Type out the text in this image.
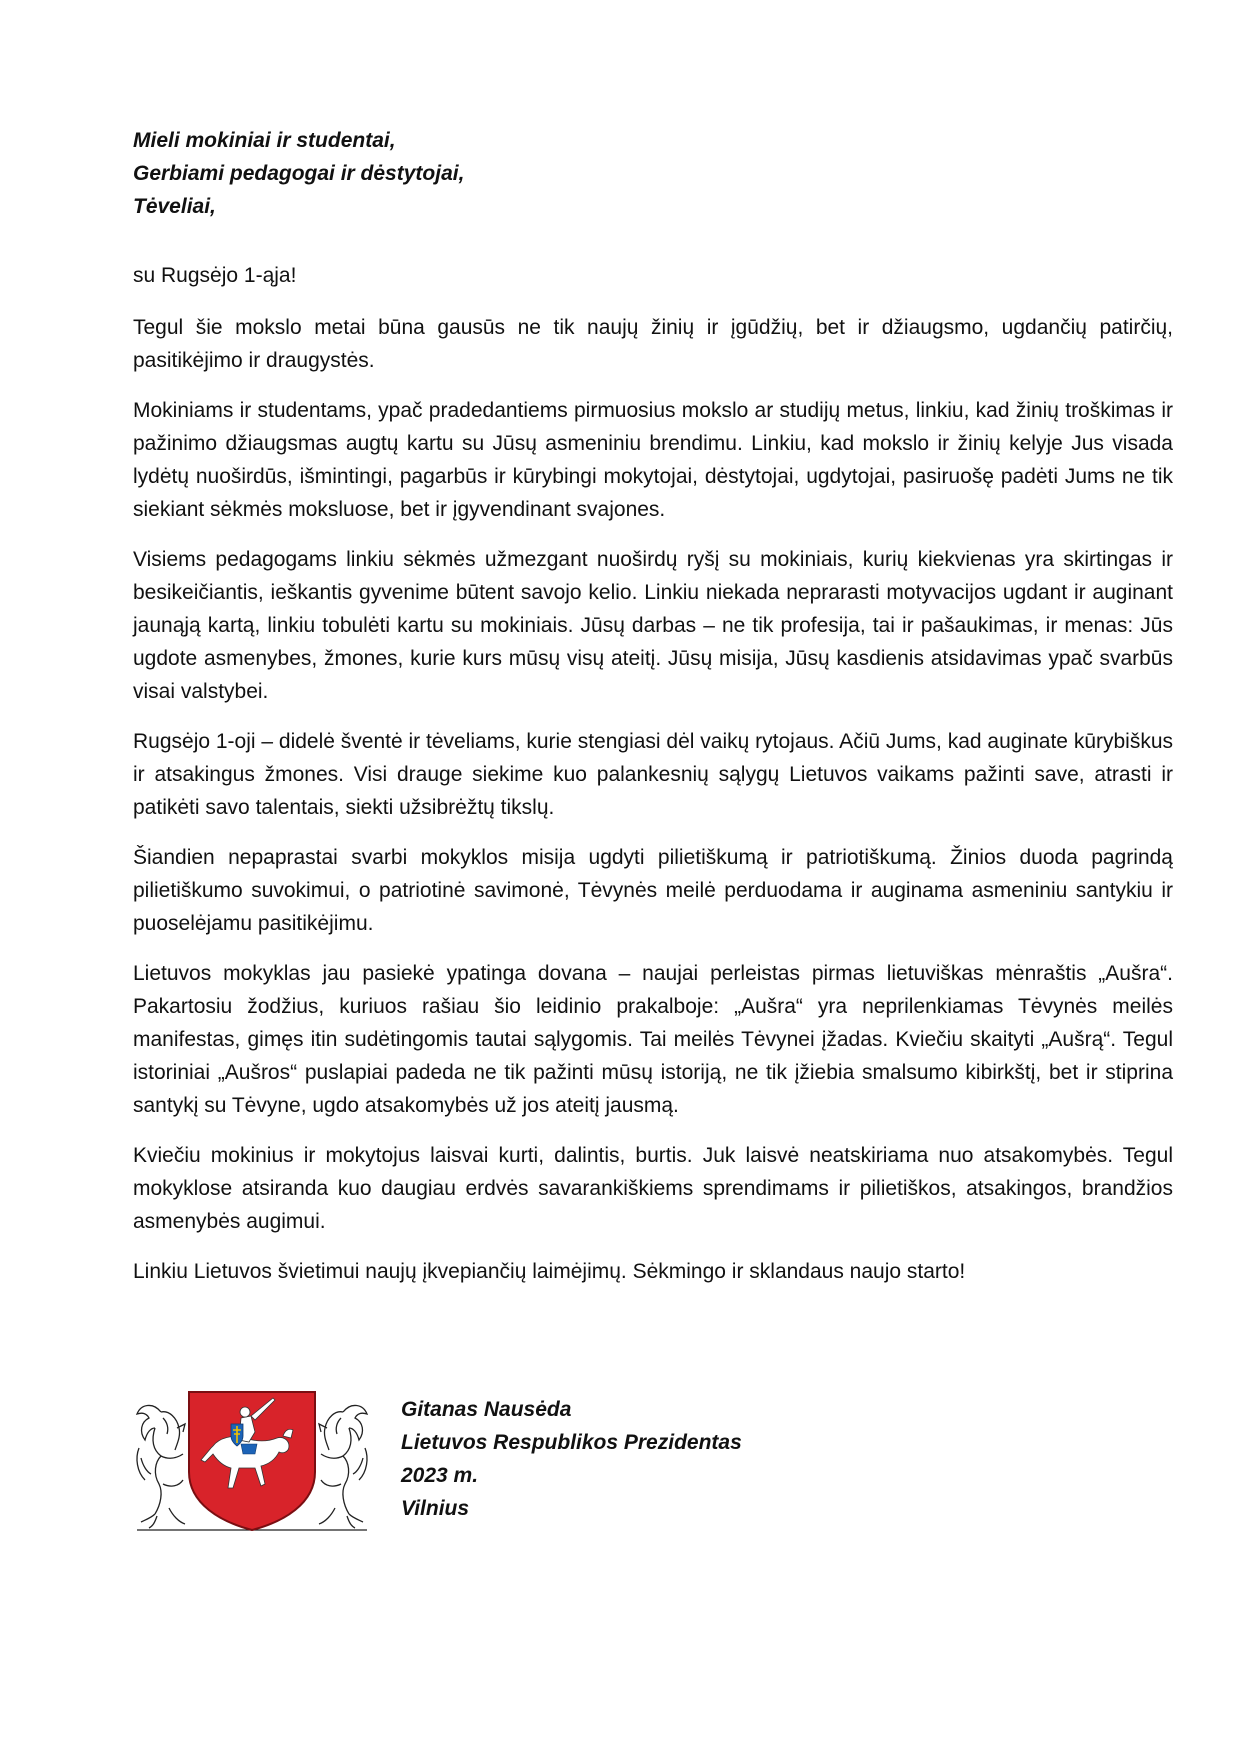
Mieli mokiniai ir studentai,
Gerbiami pedagogai ir dėstytojai,
Tėveliai,

su Rugsėjo 1-ąja!

Tegul šie mokslo metai būna gausūs ne tik naujų žinių ir įgūdžių, bet ir džiaugsmo, ugdančių patirčių, pasitikėjimo ir draugystės.

Mokiniams ir studentams, ypač pradedantiems pirmuosius mokslo ar studijų metus, linkiu, kad žinių troškimas ir pažinimo džiaugsmas augtų kartu su Jūsų asmeniniu brendimu. Linkiu, kad mokslo ir žinių kelyje Jus visada lydėtų nuoširdūs, išmintingi, pagarbūs ir kūrybingi mokytojai, dėstytojai, ugdytojai, pasiruošę padėti Jums ne tik siekiant sėkmės moksluose, bet ir įgyvendinant svajones.

Visiems pedagogams linkiu sėkmės užmezgant nuoširdų ryšį su mokiniais, kurių kiekvienas yra skirtingas ir besikeičiantis, ieškantis gyvenime būtent savojo kelio. Linkiu niekada neprarasti motyvacijos ugdant ir auginant jaunąją kartą, linkiu tobulėti kartu su mokiniais. Jūsų darbas – ne tik profesija, tai ir pašaukimas, ir menas: Jūs ugdote asmenybes, žmones, kurie kurs mūsų visų ateitį. Jūsų misija, Jūsų kasdienis atsidavimas ypač svarbūs visai valstybei.

Rugsėjo 1-oji – didelė šventė ir tėveliams, kurie stengiasi dėl vaikų rytojaus. Ačiū Jums, kad auginate kūrybiškus ir atsakingus žmones. Visi drauge siekime kuo palankesnių sąlygų Lietuvos vaikams pažinti save, atrasti ir patikėti savo talentais, siekti užsibrėžtų tikslų.

Šiandien nepaprastai svarbi mokyklos misija ugdyti pilietiškumą ir patriotiškumą. Žinios duoda pagrindą pilietiškumo suvokimui, o patriotinė savimonė, Tėvynės meilė perduodama ir auginama asmeniniu santykiu ir puoselėjamu pasitikėjimu.

Lietuvos mokyklas jau pasiekė ypatinga dovana – naujai perleistas pirmas lietuviškas mėnraštis „Aušra“. Pakartosiu žodžius, kuriuos rašiau šio leidinio prakalboje: „Aušra“ yra neprilenkiamas Tėvynės meilės manifestas, gimęs itin sudėtingomis tautai sąlygomis. Tai meilės Tėvynei įžadas. Kviečiu skaityti „Aušrą“. Tegul istoriniai „Aušros“ puslapiai padeda ne tik pažinti mūsų istoriją, ne tik įžiebia smalsumo kibirkštį, bet ir stiprina santykį su Tėvyne, ugdo atsakomybės už jos ateitį jausmą.

Kviečiu mokinius ir mokytojus laisvai kurti, dalintis, burtis. Juk laisvė neatskiriama nuo atsakomybės. Tegul mokyklose atsiranda kuo daugiau erdvės savarankiškiems sprendimams ir pilietiškos, atsakingos, brandžios asmenybės augimui.

Linkiu Lietuvos švietimui naujų įkvepiančių laimėjimų. Sėkmingo ir sklandaus naujo starto!

Gitanas Nausėda
Lietuvos Respublikos Prezidentas
2023 m.
Vilnius
